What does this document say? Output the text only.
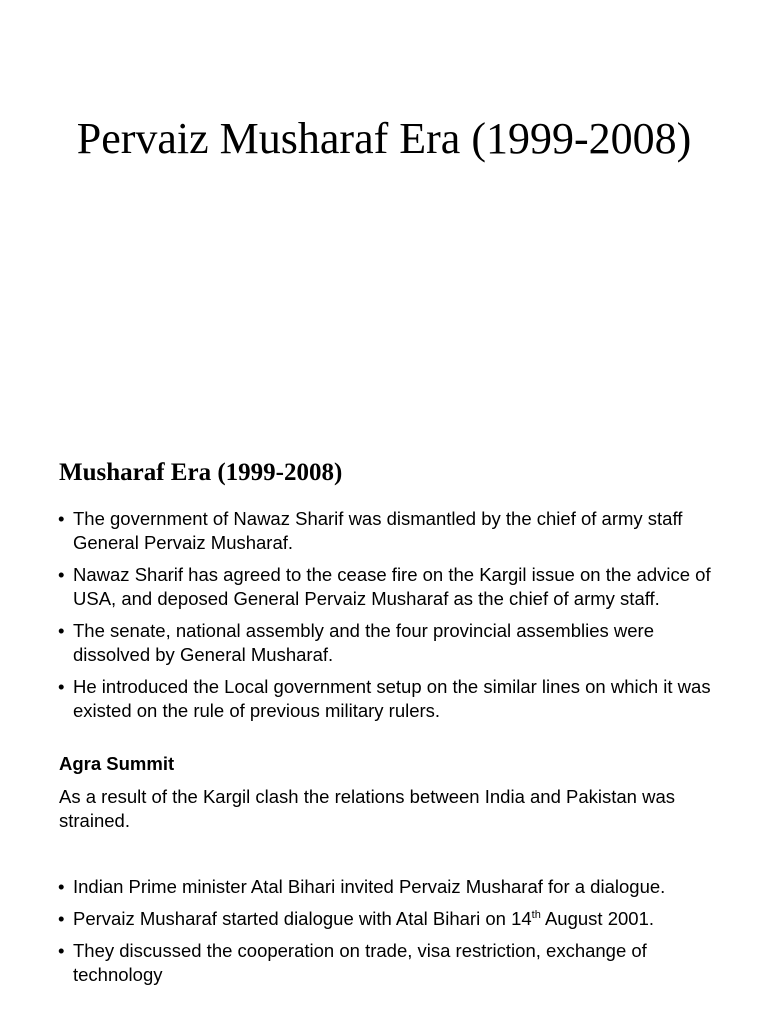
Pervaiz Musharaf Era (1999-2008)
Musharaf Era (1999-2008)
• The government of Nawaz Sharif was dismantled by the chief of army staff General Pervaiz Musharaf.
• Nawaz Sharif has agreed to the cease fire on the Kargil issue on the advice of USA, and deposed General Pervaiz Musharaf as the chief of army staff.
• The senate, national assembly and the four provincial assemblies were dissolved by General Musharaf.
• He introduced the Local government setup on the similar lines on which it was existed on the rule of previous military rulers.
Agra Summit
As a result of the Kargil clash the relations between India and Pakistan was strained.
• Indian Prime minister Atal Bihari invited Pervaiz Musharaf for a dialogue.
• Pervaiz Musharaf started dialogue with Atal Bihari on 14th August 2001.
• They discussed the cooperation on trade, visa restriction, exchange of technology
